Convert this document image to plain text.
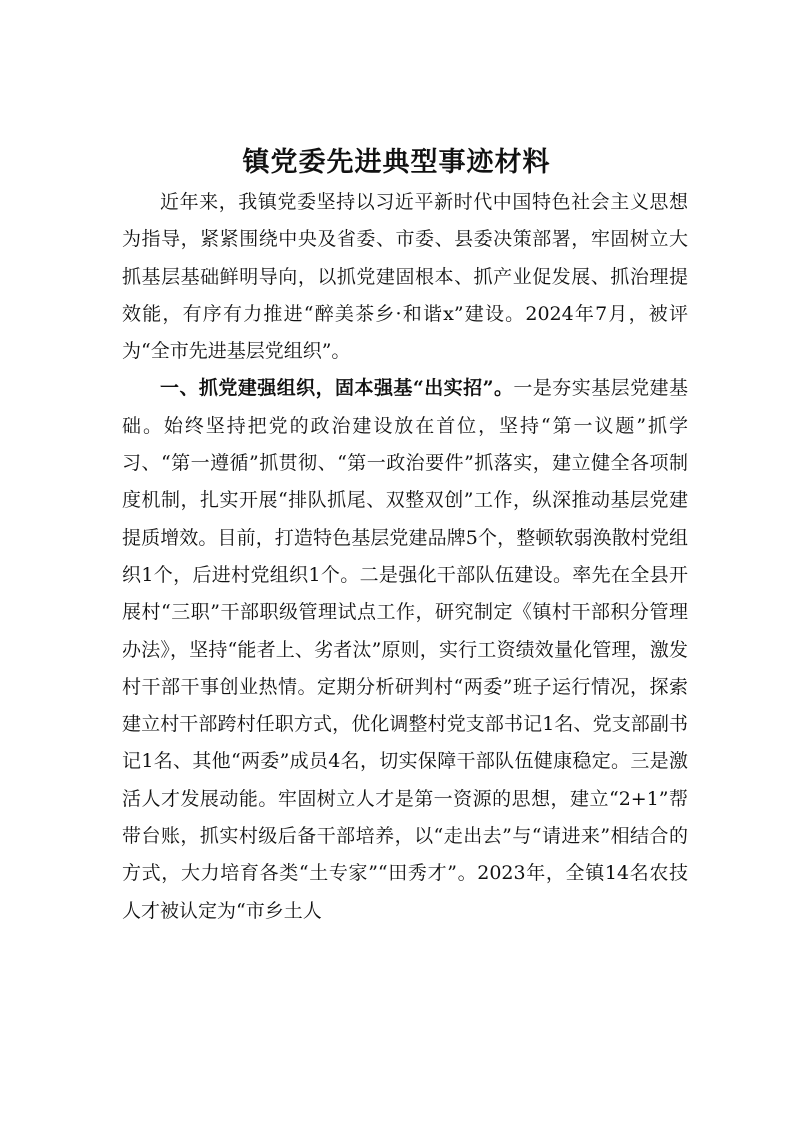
镇党委先进典型事迹材料

近年来，我镇党委坚持以习近平新时代中国特色社会主义思想为指导，紧紧围绕中央及省委、市委、县委决策部署，牢固树立大抓基层基础鲜明导向，以抓党建固根本、抓产业促发展、抓治理提效能，有序有力推进“醉美茶乡·和谐x”建设。2024年7月，被评为“全市先进基层党组织”。

一、抓党建强组织，固本强基“出实招”。一是夯实基层党建基础。始终坚持把党的政治建设放在首位，坚持“第一议题”抓学习、“第一遵循”抓贯彻、“第一政治要件”抓落实，建立健全各项制度机制，扎实开展“排队抓尾、双整双创”工作，纵深推动基层党建提质增效。目前，打造特色基层党建品牌5个，整顿软弱涣散村党组织1个，后进村党组织1个。二是强化干部队伍建设。率先在全县开展村“三职”干部职级管理试点工作，研究制定《镇村干部积分管理办法》，坚持“能者上、劣者汰”原则，实行工资绩效量化管理，激发村干部干事创业热情。定期分析研判村“两委”班子运行情况，探索建立村干部跨村任职方式，优化调整村党支部书记1名、党支部副书记1名、其他“两委”成员4名，切实保障干部队伍健康稳定。三是激活人才发展动能。牢固树立人才是第一资源的思想，建立“2+1”帮带台账，抓实村级后备干部培养，以“走出去”与“请进来”相结合的方式，大力培育各类“土专家”“田秀才”。2023年，全镇14名农技人才被认定为“市乡土人
